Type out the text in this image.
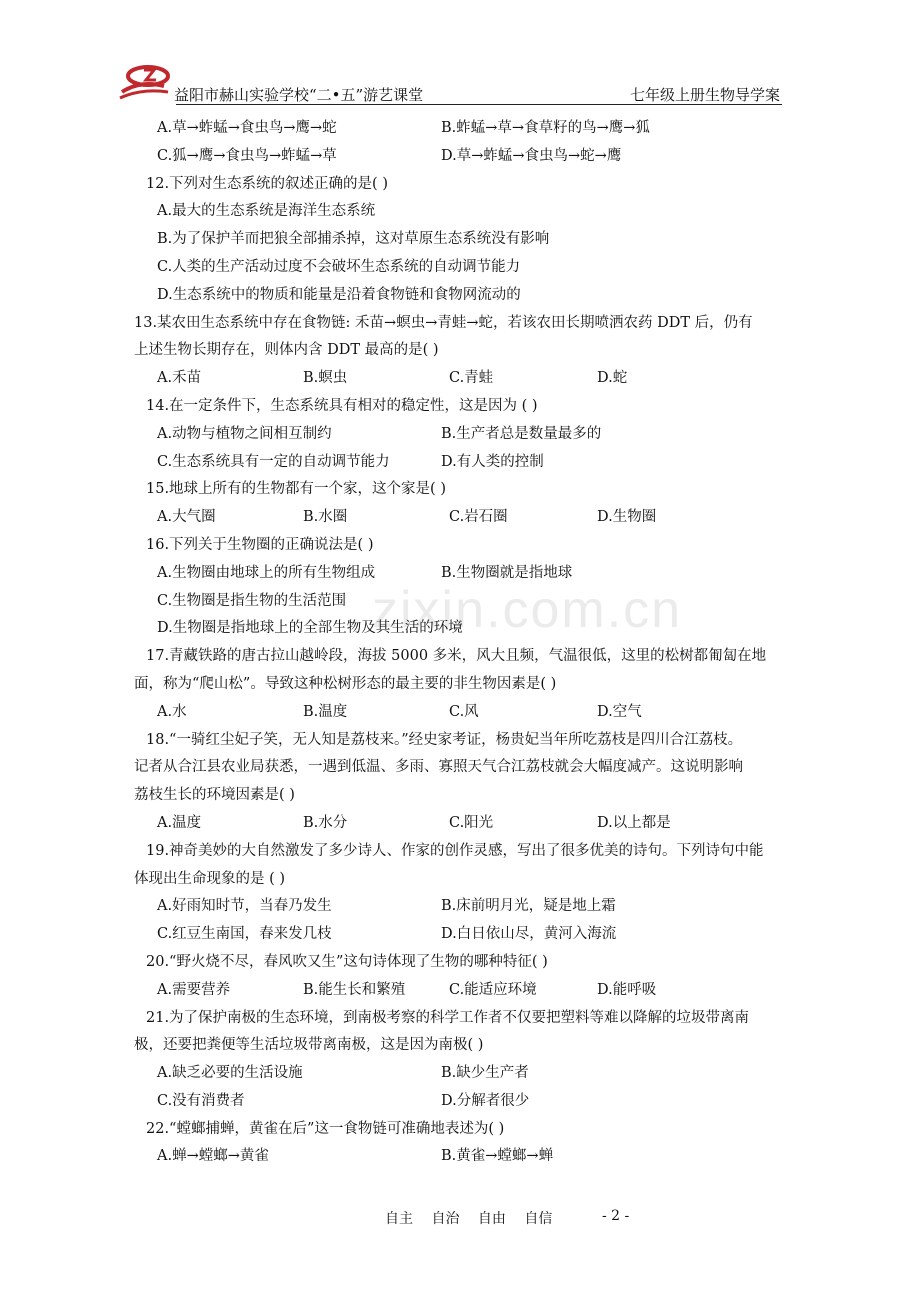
益阳市赫山实验学校“二•五”游艺课堂	七年级上册生物导学案
zixin.com.cn
A.草→蚱蜢→食虫鸟→鹰→蛇	B.蚱蜢→草→食草籽的鸟→鹰→狐
C.狐→鹰→食虫鸟→蚱蜢→草	D.草→蚱蜢→食虫鸟→蛇→鹰
12.下列对生态系统的叙述正确的是( )
A.最大的生态系统是海洋生态系统
B.为了保护羊而把狼全部捕杀掉，这对草原生态系统没有影响
C.人类的生产活动过度不会破坏生态系统的自动调节能力
D.生态系统中的物质和能量是沿着食物链和食物网流动的
13.某农田生态系统中存在食物链: 禾苗→螟虫→青蛙→蛇，若该农田长期喷洒农药 DDT 后，仍有
上述生物长期存在，则体内含 DDT 最高的是( )
A.禾苗	B.螟虫	C.青蛙	D.蛇
14.在一定条件下，生态系统具有相对的稳定性，这是因为 ( )
A.动物与植物之间相互制约	B.生产者总是数量最多的
C.生态系统具有一定的自动调节能力	D.有人类的控制
15.地球上所有的生物都有一个家，这个家是( )
A.大气圈	B.水圈	C.岩石圈	D.生物圈
16.下列关于生物圈的正确说法是( )
A.生物圈由地球上的所有生物组成	B.生物圈就是指地球
C.生物圈是指生物的生活范围
D.生物圈是指地球上的全部生物及其生活的环境
17.青藏铁路的唐古拉山越岭段，海拔 5000 多米，风大且频，气温很低，这里的松树都匍匐在地
面，称为“爬山松”。导致这种松树形态的最主要的非生物因素是( )
A.水	B.温度	C.风	D.空气
18.“一骑红尘妃子笑，无人知是荔枝来。”经史家考证，杨贵妃当年所吃荔枝是四川合江荔枝。
记者从合江县农业局获悉，一遇到低温、多雨、寡照天气合江荔枝就会大幅度减产。这说明影响
荔枝生长的环境因素是( )
A.温度	B.水分	C.阳光	D.以上都是
19.神奇美妙的大自然激发了多少诗人、作家的创作灵感，写出了很多优美的诗句。下列诗句中能
体现出生命现象的是 ( )
A.好雨知时节，当春乃发生	B.床前明月光，疑是地上霜
C.红豆生南国，春来发几枝	D.白日依山尽，黄河入海流
20.“野火烧不尽，春风吹又生”这句诗体现了生物的哪种特征( )
A.需要营养	B.能生长和繁殖	C.能适应环境	D.能呼吸
21.为了保护南极的生态环境，到南极考察的科学工作者不仅要把塑料等难以降解的垃圾带离南
极，还要把粪便等生活垃圾带离南极，这是因为南极( )
A.缺乏必要的生活设施	B.缺少生产者
C.没有消费者	D.分解者很少
22.“螳螂捕蝉，黄雀在后”这一食物链可准确地表述为( )
A.蝉→螳螂→黄雀	B.黄雀→螳螂→蝉
自主 自治 自由 自信	- 2 -
